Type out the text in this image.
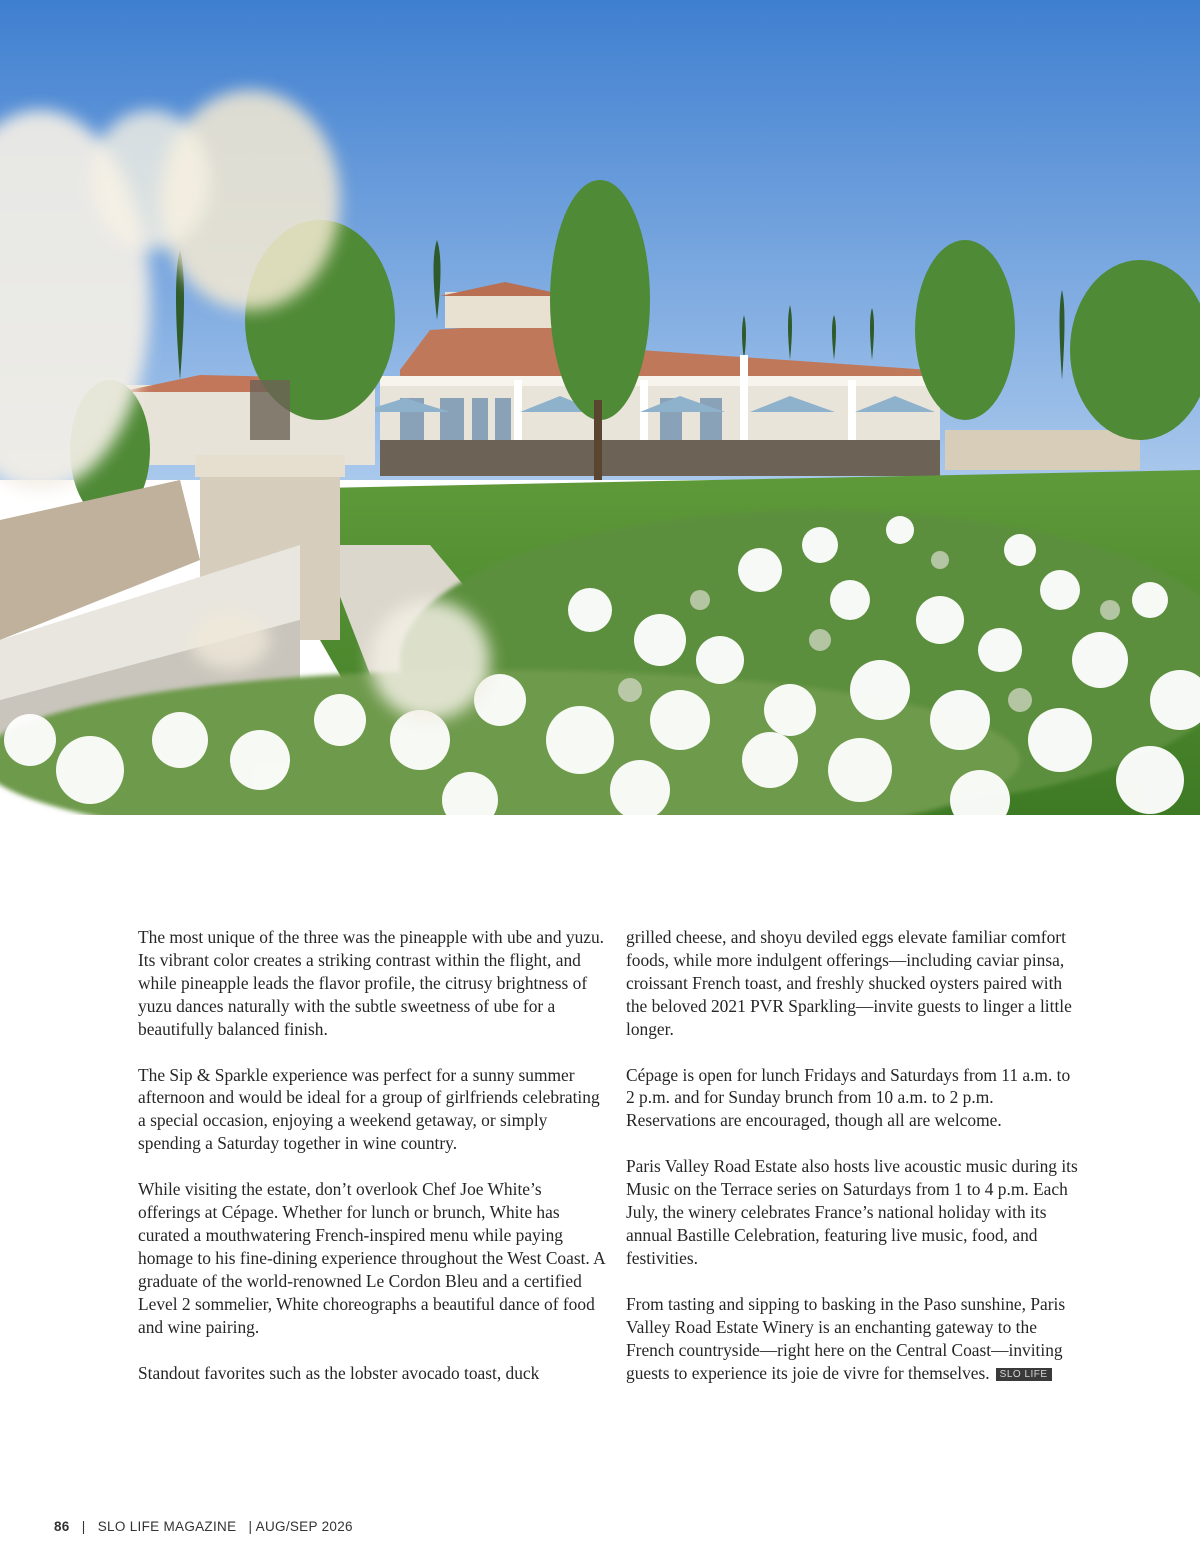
The most unique of the three was the pineapple with ube and yuzu. Its vibrant color creates a striking contrast within the flight, and while pineapple leads the flavor profile, the citrusy brightness of yuzu dances naturally with the subtle sweetness of ube for a beautifully balanced finish.

The Sip & Sparkle experience was perfect for a sunny summer afternoon and would be ideal for a group of girlfriends celebrating a special occasion, enjoying a weekend getaway, or simply spending a Saturday together in wine country.

While visiting the estate, don’t overlook Chef Joe White’s offerings at Cépage. Whether for lunch or brunch, White has curated a mouthwatering French-inspired menu while paying homage to his fine-dining experience throughout the West Coast. A graduate of the world-renowned Le Cordon Bleu and a certified Level 2 sommelier, White choreographs a beautiful dance of food and wine pairing.

Standout favorites such as the lobster avocado toast, duck

grilled cheese, and shoyu deviled eggs elevate familiar comfort foods, while more indulgent offerings—including caviar pinsa, croissant French toast, and freshly shucked oysters paired with the beloved 2021 PVR Sparkling—invite guests to linger a little longer.

Cépage is open for lunch Fridays and Saturdays from 11 a.m. to 2 p.m. and for Sunday brunch from 10 a.m. to 2 p.m. Reservations are encouraged, though all are welcome.

Paris Valley Road Estate also hosts live acoustic music during its Music on the Terrace series on Saturdays from 1 to 4 p.m. Each July, the winery celebrates France’s national holiday with its annual Bastille Celebration, featuring live music, food, and festivities.

From tasting and sipping to basking in the Paso sunshine, Paris Valley Road Estate Winery is an enchanting gateway to the French countryside—right here on the Central Coast—inviting guests to experience its joie de vivre for themselves. SLO LIFE

86 | SLO LIFE MAGAZINE | AUG/SEP 2026
